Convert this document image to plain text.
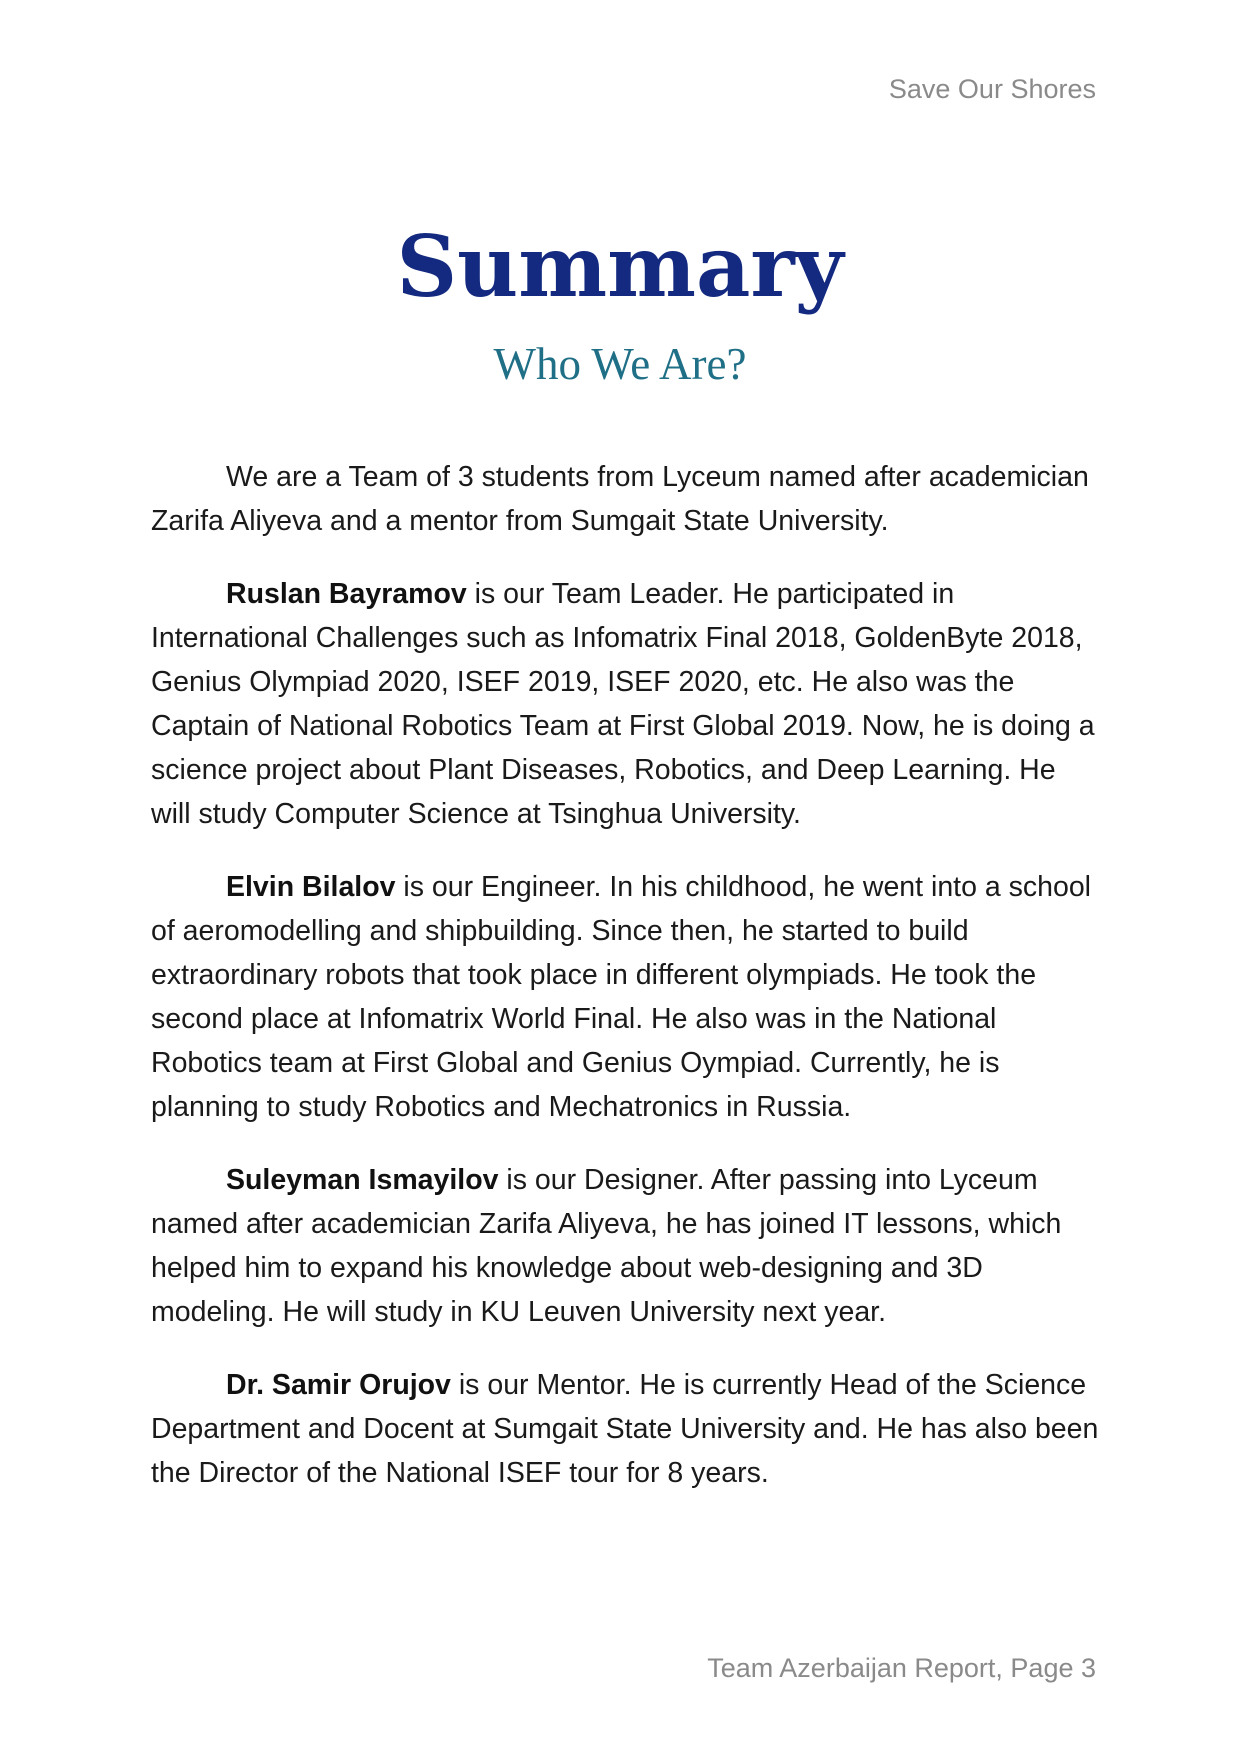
Save Our Shores
Summary
Who We Are?

We are a Team of 3 students from Lyceum named after academician Zarifa Aliyeva and a mentor from Sumgait State University.

Ruslan Bayramov is our Team Leader. He participated in International Challenges such as Infomatrix Final 2018, GoldenByte 2018, Genius Olympiad 2020, ISEF 2019, ISEF 2020, etc. He also was the Captain of National Robotics Team at First Global 2019. Now, he is doing a science project about Plant Diseases, Robotics, and Deep Learning. He will study Computer Science at Tsinghua University.

Elvin Bilalov is our Engineer. In his childhood, he went into a school of aeromodelling and shipbuilding. Since then, he started to build extraordinary robots that took place in different olympiads. He took the second place at Infomatrix World Final. He also was in the National Robotics team at First Global and Genius Oympiad. Currently, he is planning to study Robotics and Mechatronics in Russia.

Suleyman Ismayilov is our Designer. After passing into Lyceum named after academician Zarifa Aliyeva, he has joined IT lessons, which helped him to expand his knowledge about web-designing and 3D modeling. He will study in KU Leuven University next year.

Dr. Samir Orujov is our Mentor. He is currently Head of the Science Department and Docent at Sumgait State University and. He has also been the Director of the National ISEF tour for 8 years.

Team Azerbaijan Report, Page 3
